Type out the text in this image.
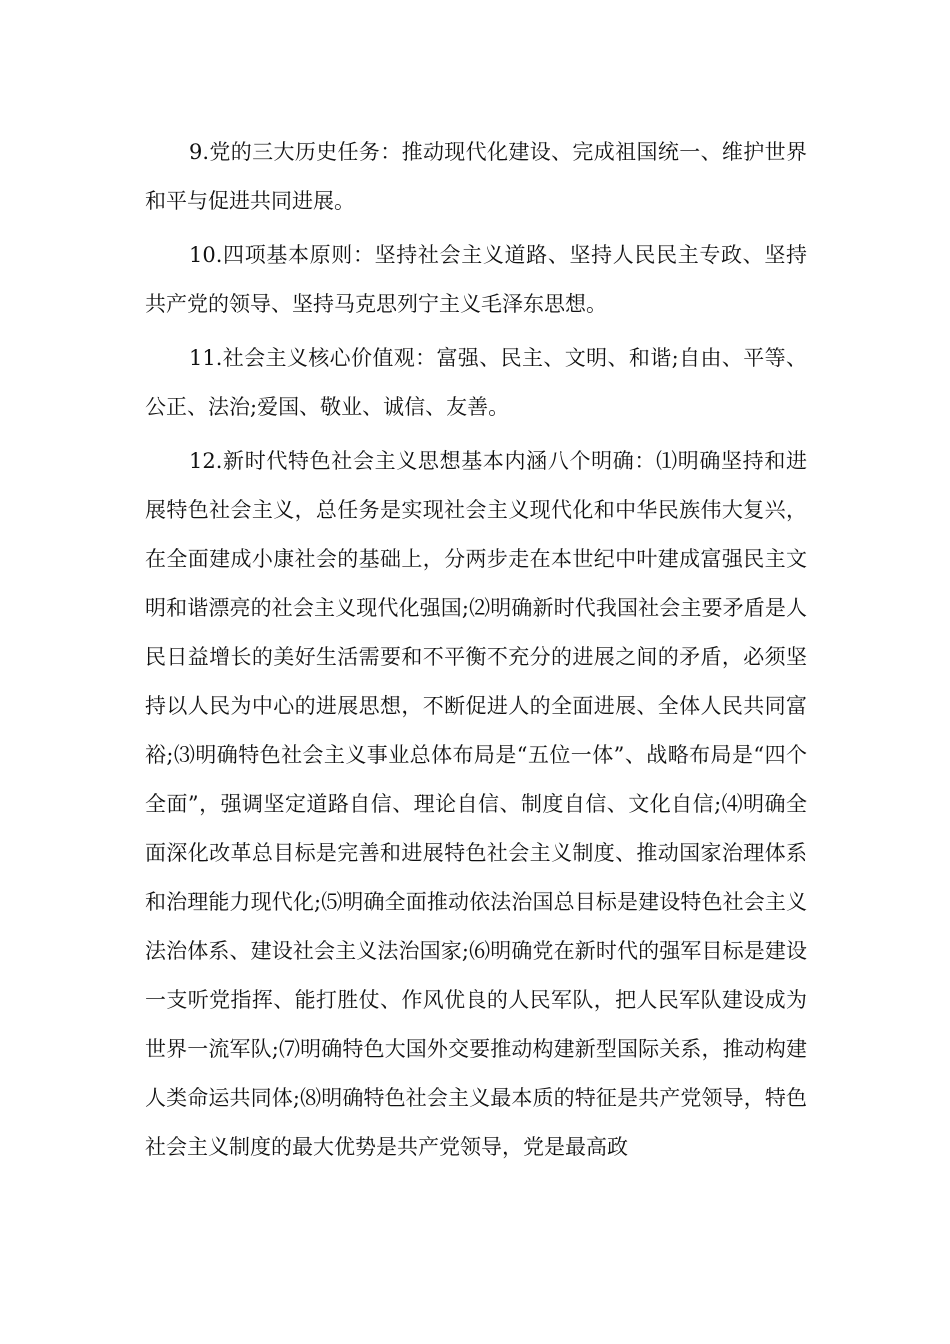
9.党的三大历史任务：推动现代化建设、完成祖国统一、维护世界和平与促进共同进展。

10.四项基本原则：坚持社会主义道路、坚持人民民主专政、坚持共产党的领导、坚持马克思列宁主义毛泽东思想。

11.社会主义核心价值观：富强、民主、文明、和谐;自由、平等、公正、法治;爱国、敬业、诚信、友善。

12.新时代特色社会主义思想基本内涵八个明确：⑴明确坚持和进展特色社会主义，总任务是实现社会主义现代化和中华民族伟大复兴，在全面建成小康社会的基础上，分两步走在本世纪中叶建成富强民主文明和谐漂亮的社会主义现代化强国;⑵明确新时代我国社会主要矛盾是人民日益增长的美好生活需要和不平衡不充分的进展之间的矛盾，必须坚持以人民为中心的进展思想，不断促进人的全面进展、全体人民共同富裕;⑶明确特色社会主义事业总体布局是“五位一体”、战略布局是“四个全面”，强调坚定道路自信、理论自信、制度自信、文化自信;⑷明确全面深化改革总目标是完善和进展特色社会主义制度、推动国家治理体系和治理能力现代化;⑸明确全面推动依法治国总目标是建设特色社会主义法治体系、建设社会主义法治国家;⑹明确党在新时代的强军目标是建设一支听党指挥、能打胜仗、作风优良的人民军队，把人民军队建设成为世界一流军队;⑺明确特色大国外交要推动构建新型国际关系，推动构建人类命运共同体;⑻明确特色社会主义最本质的特征是共产党领导，特色社会主义制度的最大优势是共产党领导，党是最高政
